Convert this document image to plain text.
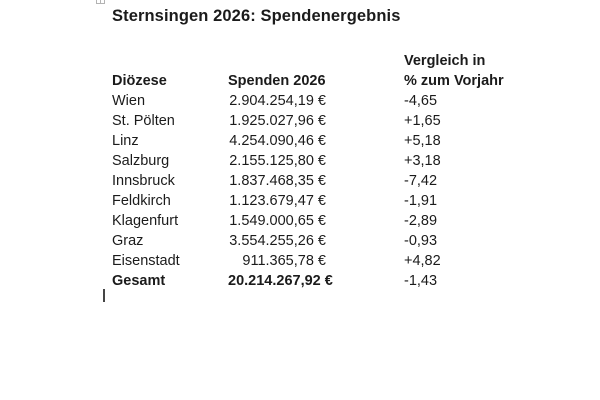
Sternsingen 2026: Spendenergebnis
Vergleich in
Diözese	Spenden 2026	% zum Vorjahr
Wien	2.904.254,19 €	-4,65
St. Pölten	1.925.027,96 €	+1,65
Linz	4.254.090,46 €	+5,18
Salzburg	2.155.125,80 €	+3,18
Innsbruck	1.837.468,35 €	-7,42
Feldkirch	1.123.679,47 €	-1,91
Klagenfurt	1.549.000,65 €	-2,89
Graz	3.554.255,26 €	-0,93
Eisenstadt	911.365,78 €	+4,82
Gesamt	20.214.267,92 €	-1,43
